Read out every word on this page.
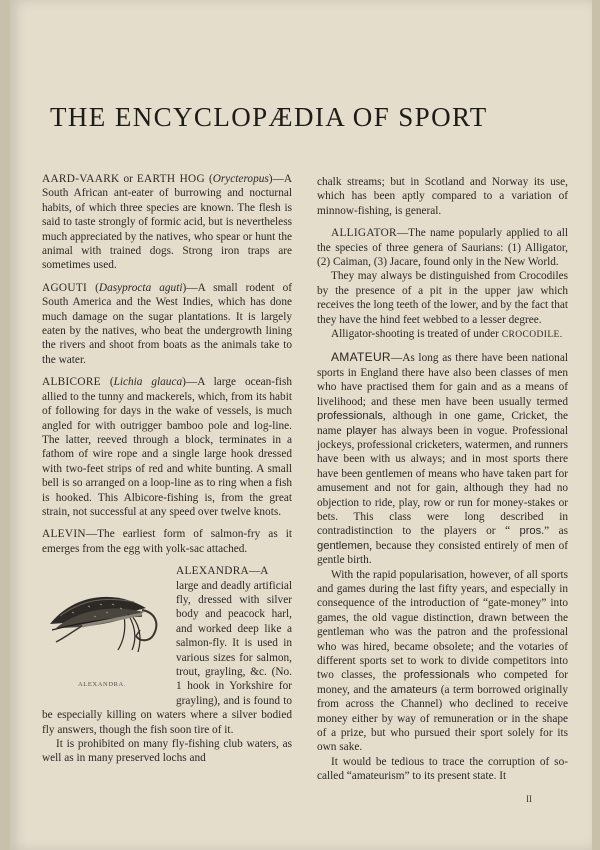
THE ENCYCLOPÆDIA OF SPORT

AARD-VAARK or EARTH HOG (Orycteropus)—A South African ant-eater of burrowing and nocturnal habits, of which three species are known. The flesh is said to taste strongly of formic acid, but is nevertheless much appreciated by the natives, who spear or hunt the animal with trained dogs. Strong iron traps are sometimes used.

AGOUTI (Dasyprocta aguti)—A small rodent of South America and the West Indies, which has done much damage on the sugar plantations. It is largely eaten by the natives, who beat the undergrowth lining the rivers and shoot from boats as the animals take to the water.

ALBICORE (Lichia glauca)—A large ocean-fish allied to the tunny and mackerels, which, from its habit of following for days in the wake of vessels, is much angled for with outrigger bamboo pole and log-line. The latter, reeved through a block, terminates in a fathom of wire rope and a single large hook dressed with two-feet strips of red and white bunting. A small bell is so arranged on a loop-line as to ring when a fish is hooked. This Albicore-fishing is, from the great strain, not successful at any speed over twelve knots.

ALEVIN—The earliest form of salmon-fry as it emerges from the egg with yolk-sac attached.

ALEXANDRA.

ALEXANDRA—A large and deadly artificial fly, dressed with silver body and peacock harl, and worked deep like a salmon-fly. It is used in various sizes for salmon, trout, grayling, &c. (No. 1 hook in Yorkshire for grayling), and is found to be especially killing on waters where a silver bodied fly answers, though the fish soon tire of it.

It is prohibited on many fly-fishing club waters, as well as in many preserved lochs and

chalk streams; but in Scotland and Norway its use, which has been aptly compared to a variation of minnow-fishing, is general.

ALLIGATOR—The name popularly applied to all the species of three genera of Saurians: (1) Alligator, (2) Caiman, (3) Jacare, found only in the New World.

They may always be distinguished from Crocodiles by the presence of a pit in the upper jaw which receives the long teeth of the lower, and by the fact that they have the hind feet webbed to a lesser degree.

Alligator-shooting is treated of under CROCODILE.

AMATEUR—As long as there have been national sports in England there have also been classes of men who have practised them for gain and as a means of livelihood; and these men have been usually termed professionals, although in one game, Cricket, the name player has always been in vogue. Professional jockeys, professional cricketers, watermen, and runners have been with us always; and in most sports there have been gentlemen of means who have taken part for amusement and not for gain, although they had no objection to ride, play, row or run for money-stakes or bets. This class were long described in contradistinction to the players or “ pros.” as gentlemen, because they consisted entirely of men of gentle birth.

With the rapid popularisation, however, of all sports and games during the last fifty years, and especially in consequence of the introduction of “gate-money” into games, the old vague distinction, drawn between the gentleman who was the patron and the professional who was hired, became obsolete; and the votaries of different sports set to work to divide competitors into two classes, the professionals who competed for money, and the amateurs (a term borrowed originally from across the Channel) who declined to receive money either by way of remuneration or in the shape of a prize, but who pursued their sport solely for its own sake.

It would be tedious to trace the corruption of so-called “amateurism” to its present state. It

II
